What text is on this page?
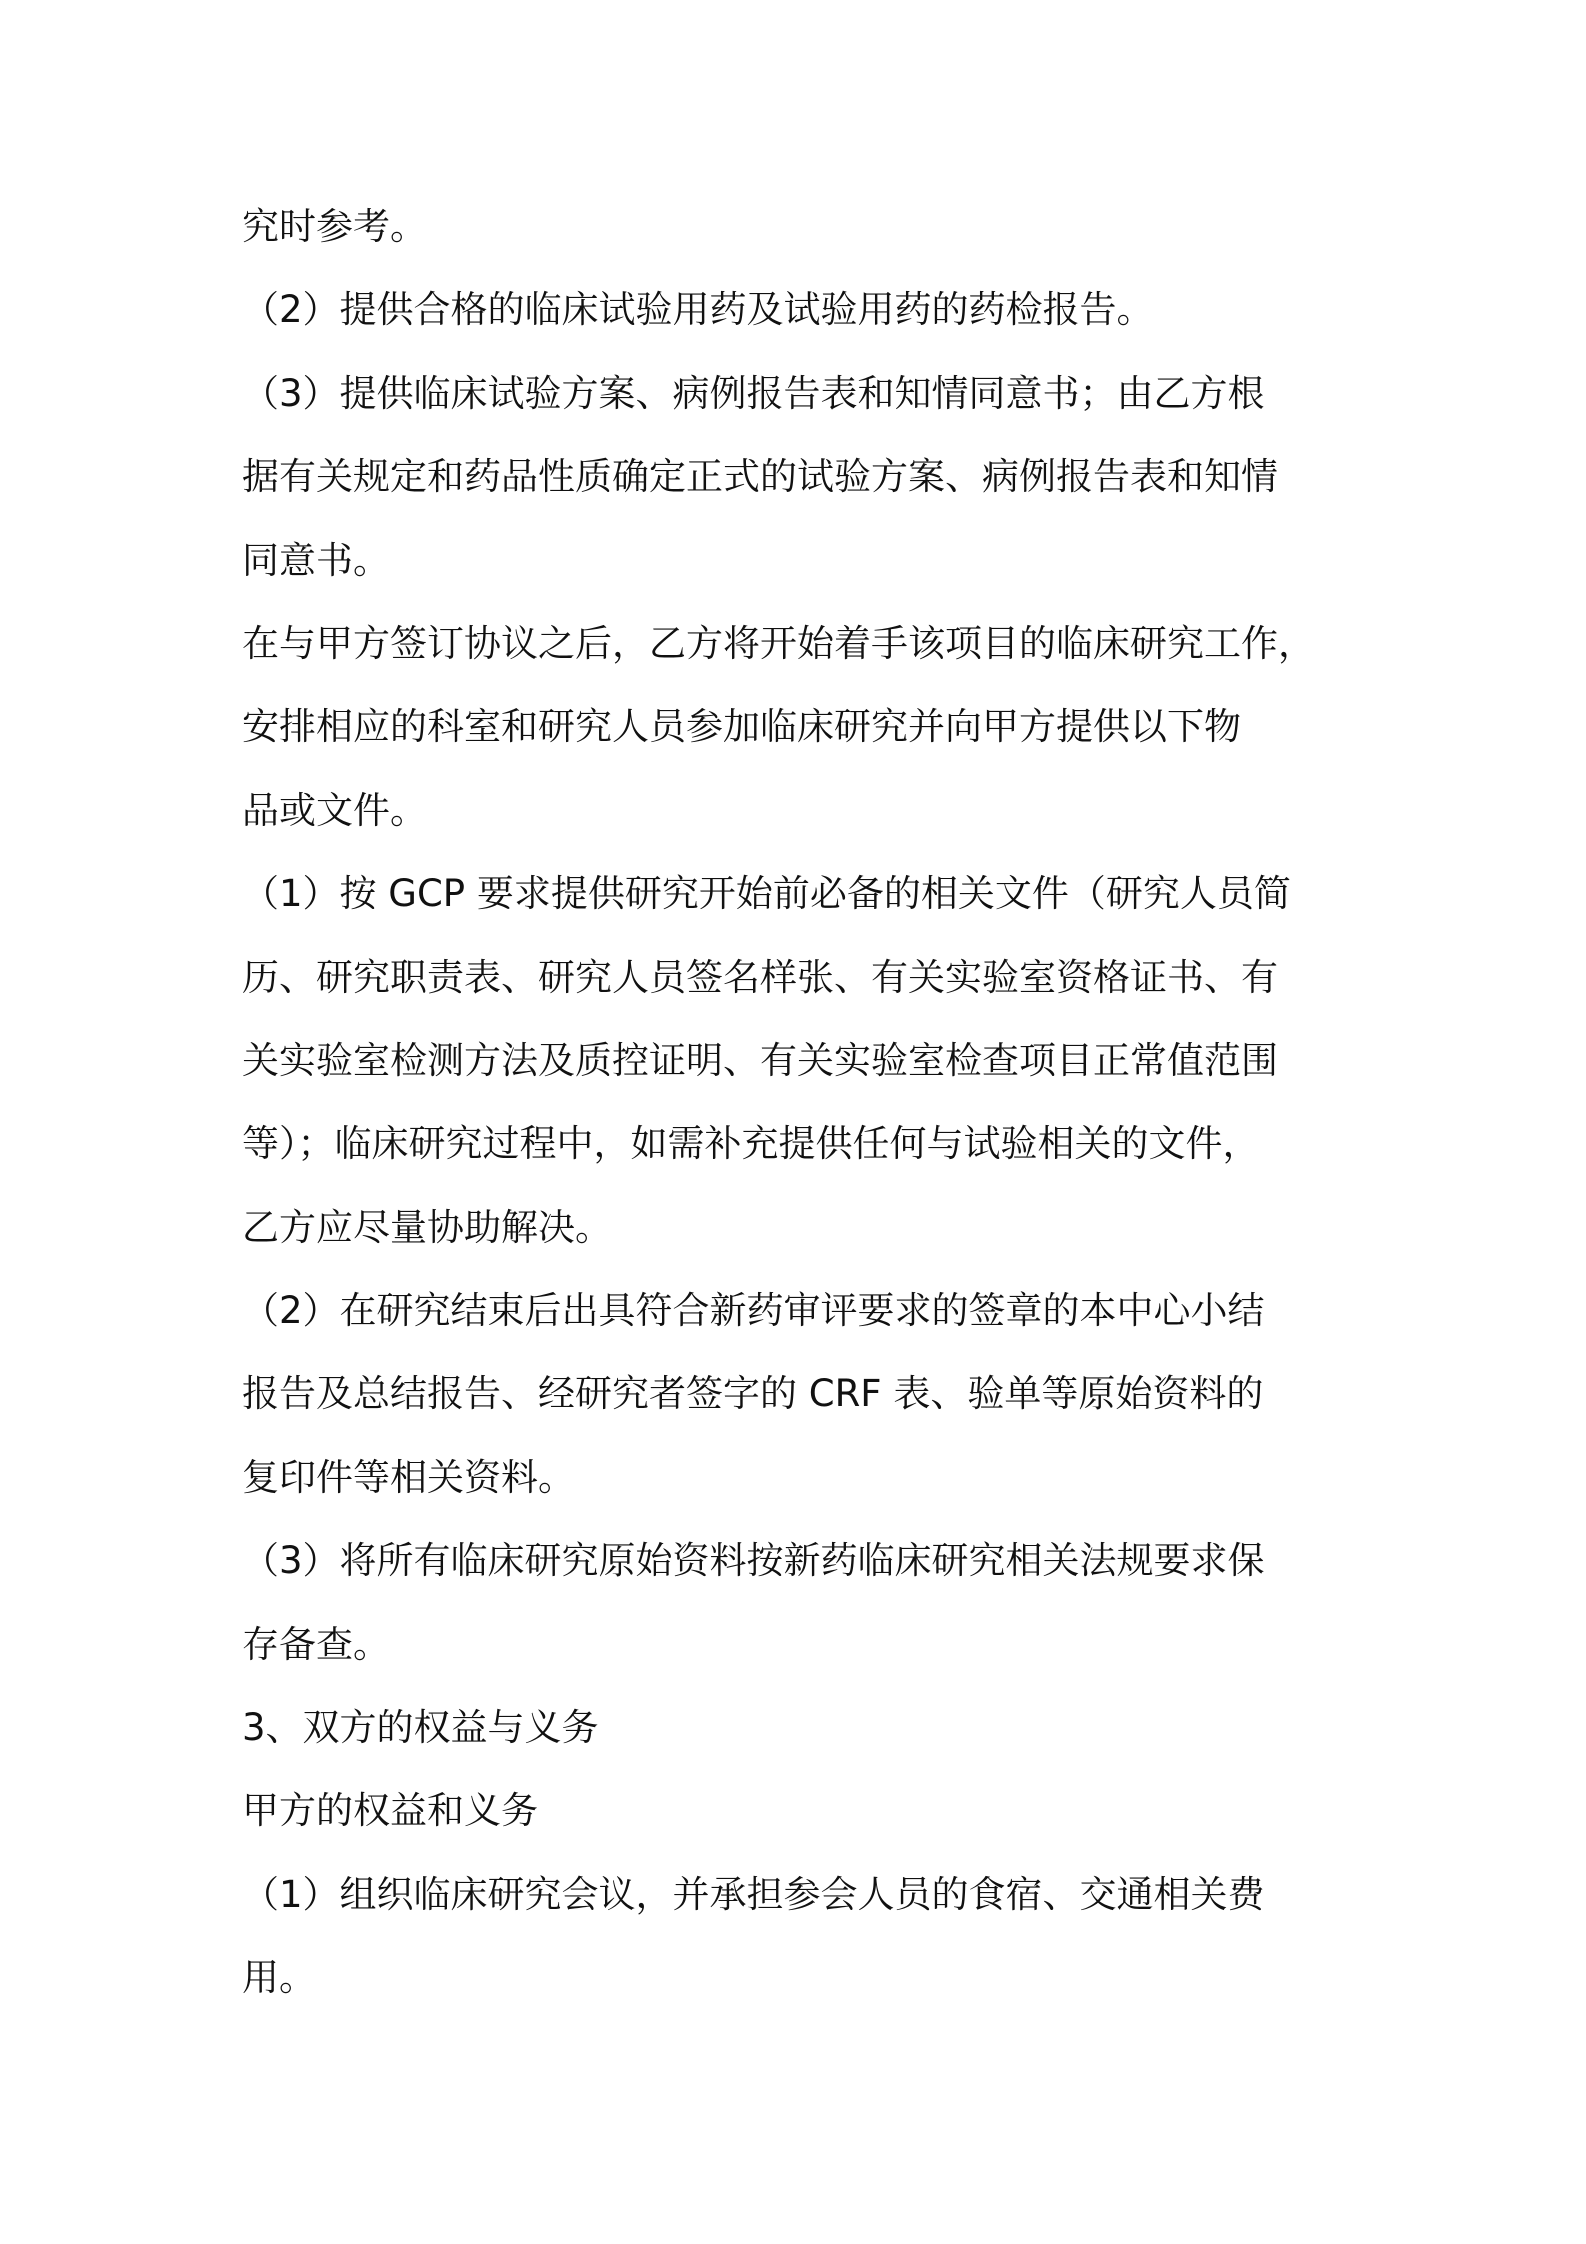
究时参考。
（2）提供合格的临床试验用药及试验用药的药检报告。
（3）提供临床试验方案、病例报告表和知情同意书；由乙方根
据有关规定和药品性质确定正式的试验方案、病例报告表和知情
同意书。
在与甲方签订协议之后，乙方将开始着手该项目的临床研究工作，
安排相应的科室和研究人员参加临床研究并向甲方提供以下物
品或文件。
（1）按 GCP 要求提供研究开始前必备的相关文件（研究人员简
历、研究职责表、研究人员签名样张、有关实验室资格证书、有
关实验室检测方法及质控证明、有关实验室检查项目正常值范围
等）；临床研究过程中，如需补充提供任何与试验相关的文件，
乙方应尽量协助解决。
（2）在研究结束后出具符合新药审评要求的签章的本中心小结
报告及总结报告、经研究者签字的 CRF 表、验单等原始资料的
复印件等相关资料。
（3）将所有临床研究原始资料按新药临床研究相关法规要求保
存备查。
3、双方的权益与义务
甲方的权益和义务
（1）组织临床研究会议，并承担参会人员的食宿、交通相关费
用。
